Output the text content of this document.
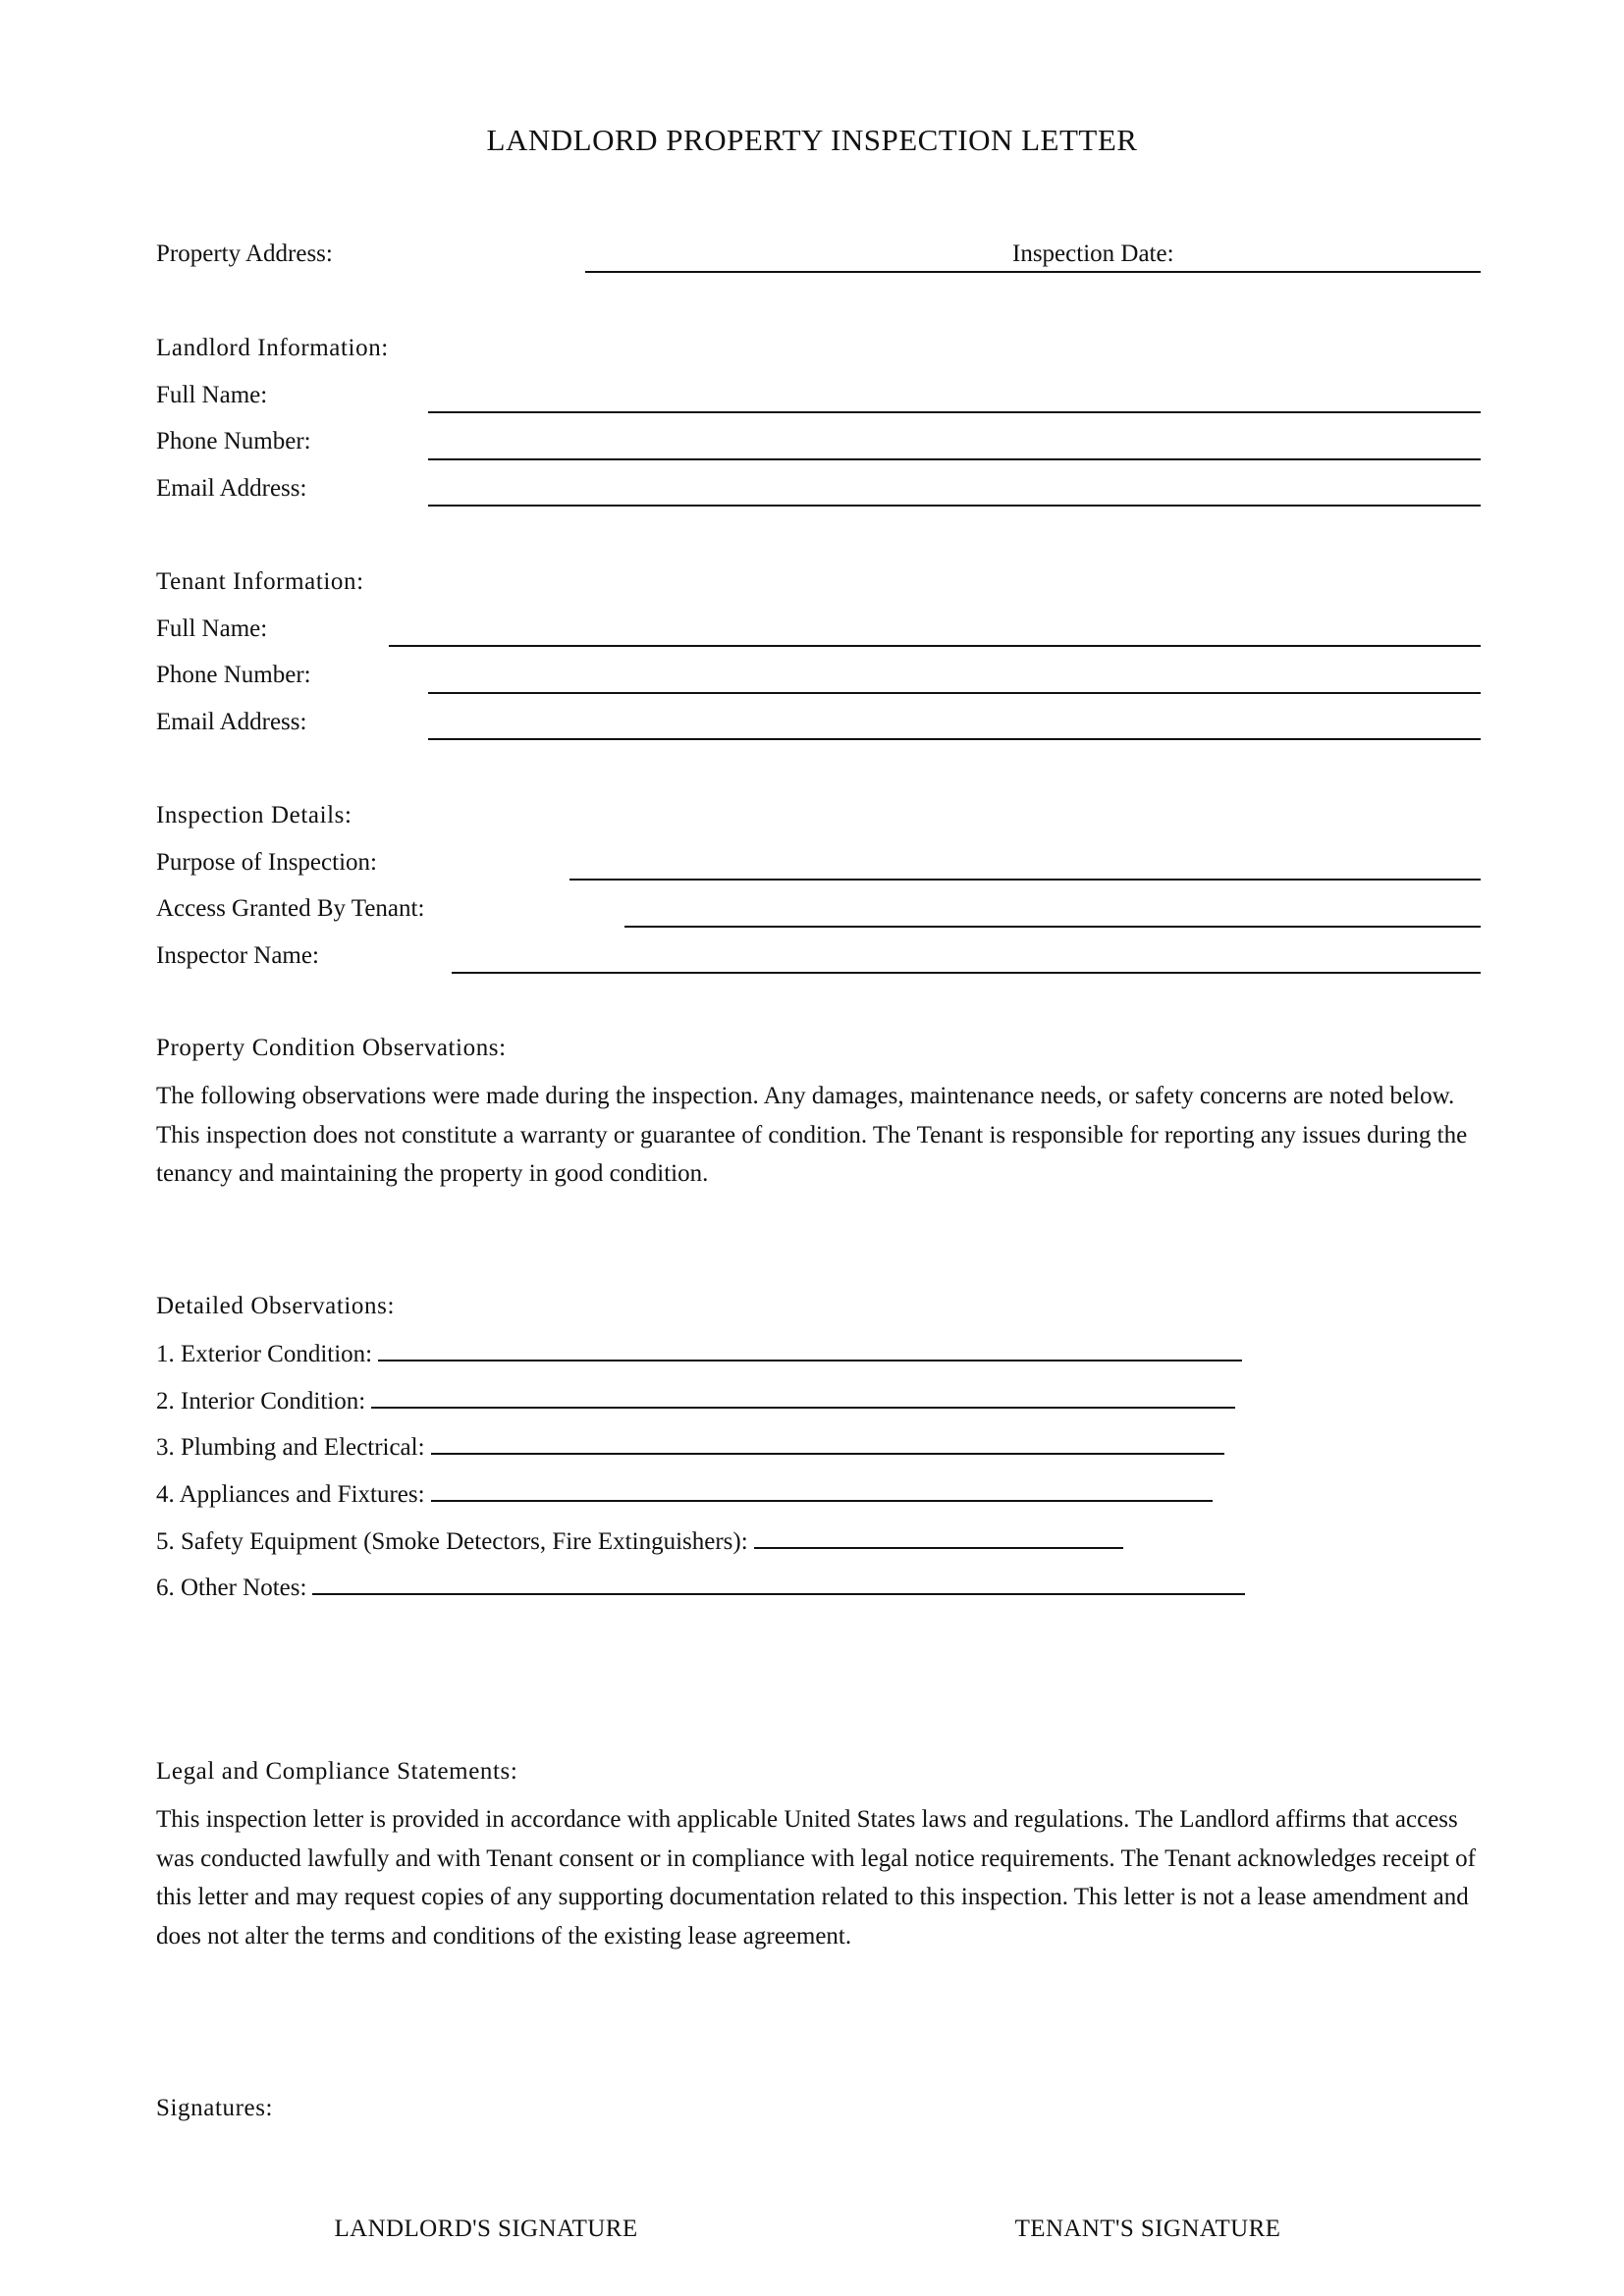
LANDLORD PROPERTY INSPECTION LETTER
Property Address:	Inspection Date:
Landlord Information:
Full Name:
Phone Number:
Email Address:
Tenant Information:
Full Name:
Phone Number:
Email Address:
Inspection Details:
Purpose of Inspection:
Access Granted By Tenant:
Inspector Name:
Property Condition Observations:
The following observations were made during the inspection. Any damages, maintenance needs, or safety concerns are noted below. This inspection does not constitute a warranty or guarantee of condition. The Tenant is responsible for reporting any issues during the tenancy and maintaining the property in good condition.
Detailed Observations:
1. Exterior Condition:
2. Interior Condition:
3. Plumbing and Electrical:
4. Appliances and Fixtures:
5. Safety Equipment (Smoke Detectors, Fire Extinguishers):
6. Other Notes:
Legal and Compliance Statements:
This inspection letter is provided in accordance with applicable United States laws and regulations. The Landlord affirms that access was conducted lawfully and with Tenant consent or in compliance with legal notice requirements. The Tenant acknowledges receipt of this letter and may request copies of any supporting documentation related to this inspection. This letter is not a lease amendment and does not alter the terms and conditions of the existing lease agreement.
Signatures:
LANDLORD'S SIGNATURE	TENANT'S SIGNATURE
